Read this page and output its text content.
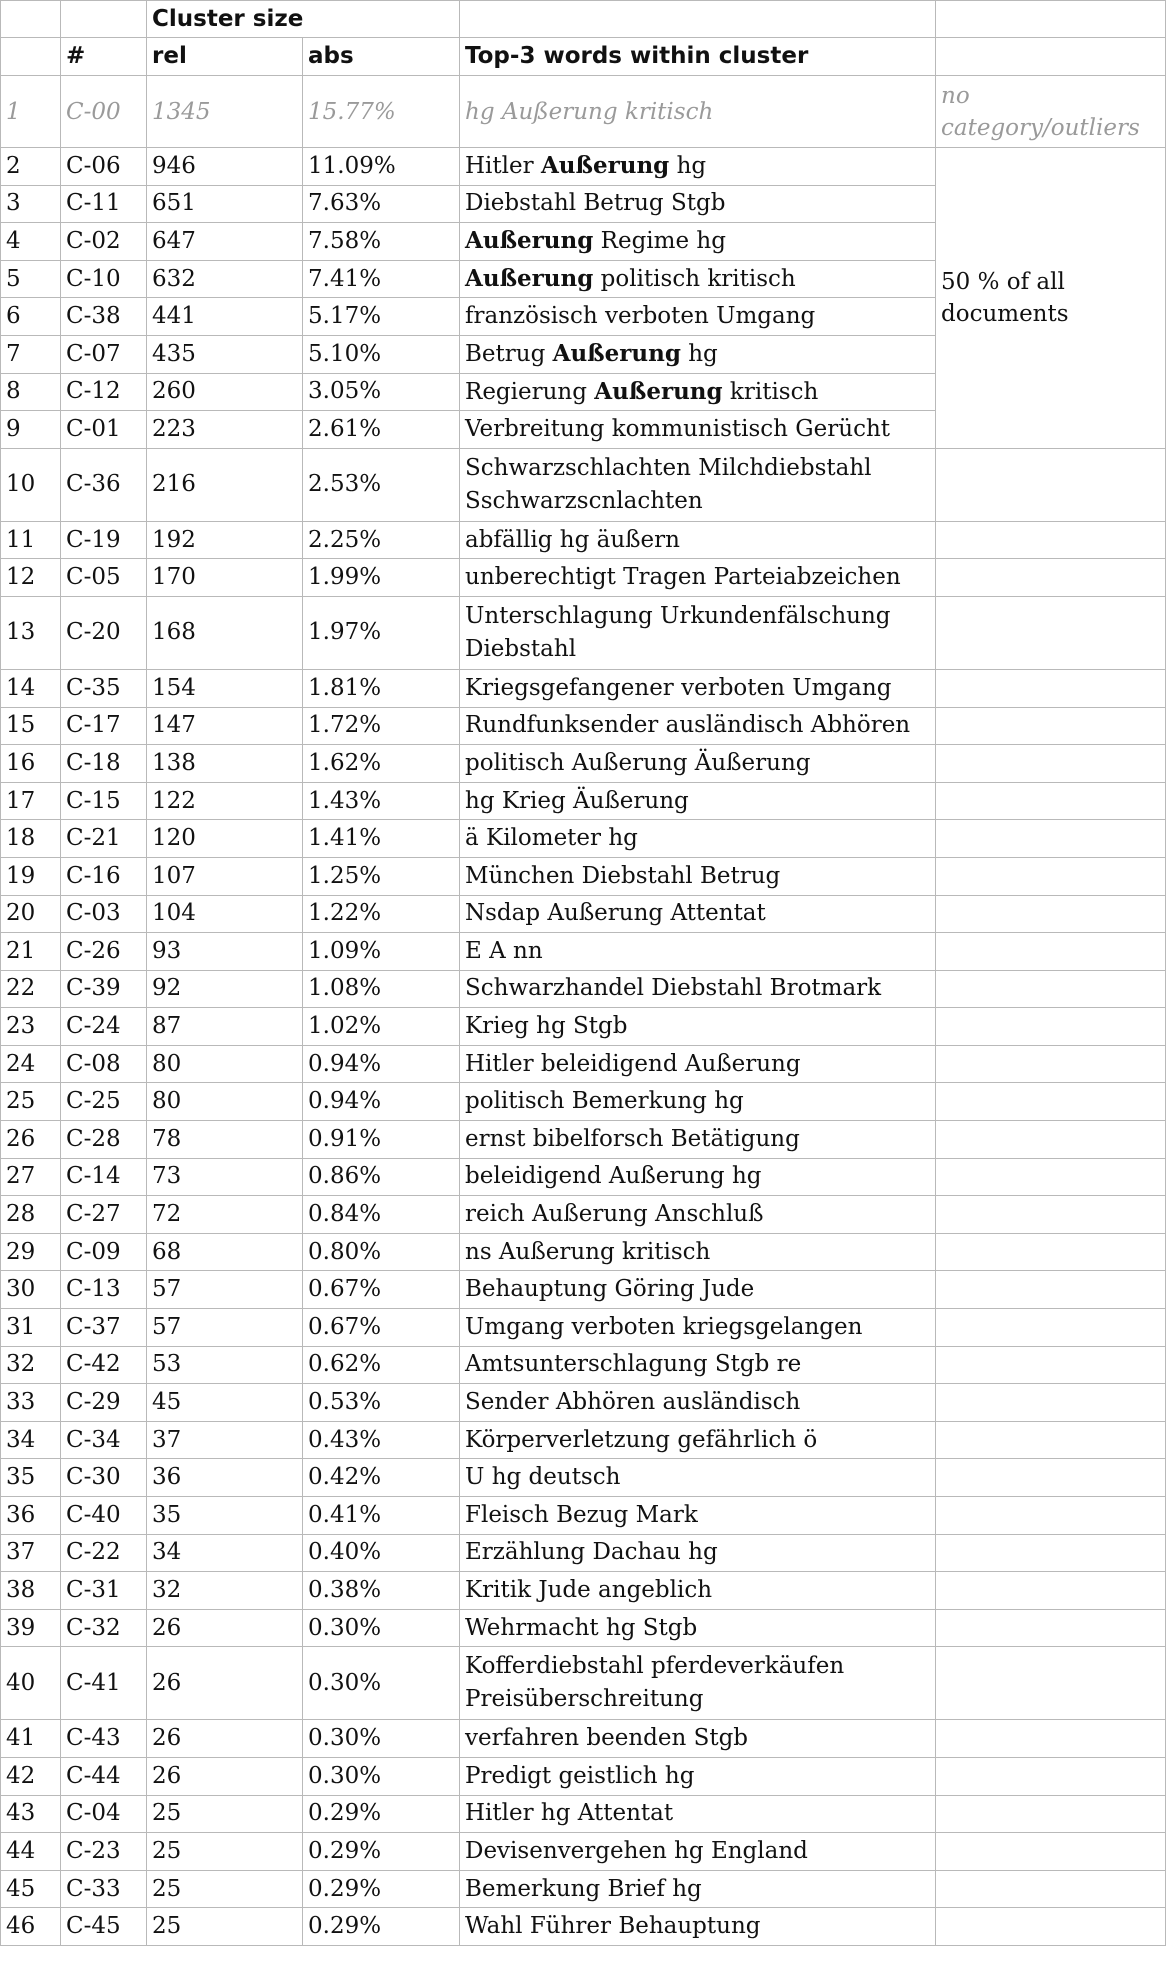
		Cluster size			
	#	rel	abs	Top-3 words within cluster	
1	C-00	1345	15.77%	hg Außerung kritisch	no category/outliers
2	C-06	946	11.09%	Hitler Außerung hg	50 % of all documents
3	C-11	651	7.63%	Diebstahl Betrug Stgb	
4	C-02	647	7.58%	Außerung Regime hg	
5	C-10	632	7.41%	Außerung politisch kritisch	
6	C-38	441	5.17%	französisch verboten Umgang	
7	C-07	435	5.10%	Betrug Außerung hg	
8	C-12	260	3.05%	Regierung Außerung kritisch	
9	C-01	223	2.61%	Verbreitung kommunistisch Gerücht	
10	C-36	216	2.53%	Schwarzschlachten Milchdiebstahl Sschwarzscnlachten	
11	C-19	192	2.25%	abfällig hg äußern	
12	C-05	170	1.99%	unberechtigt Tragen Parteiabzeichen	
13	C-20	168	1.97%	Unterschlagung Urkundenfälschung Diebstahl	
14	C-35	154	1.81%	Kriegsgefangener verboten Umgang	
15	C-17	147	1.72%	Rundfunksender ausländisch Abhören	
16	C-18	138	1.62%	politisch Außerung Äußerung	
17	C-15	122	1.43%	hg Krieg Äußerung	
18	C-21	120	1.41%	ä Kilometer hg	
19	C-16	107	1.25%	München Diebstahl Betrug	
20	C-03	104	1.22%	Nsdap Außerung Attentat	
21	C-26	93	1.09%	E A nn	
22	C-39	92	1.08%	Schwarzhandel Diebstahl Brotmark	
23	C-24	87	1.02%	Krieg hg Stgb	
24	C-08	80	0.94%	Hitler beleidigend Außerung	
25	C-25	80	0.94%	politisch Bemerkung hg	
26	C-28	78	0.91%	ernst bibelforsch Betätigung	
27	C-14	73	0.86%	beleidigend Außerung hg	
28	C-27	72	0.84%	reich Außerung Anschluß	
29	C-09	68	0.80%	ns Außerung kritisch	
30	C-13	57	0.67%	Behauptung Göring Jude	
31	C-37	57	0.67%	Umgang verboten kriegsgelangen	
32	C-42	53	0.62%	Amtsunterschlagung Stgb re	
33	C-29	45	0.53%	Sender Abhören ausländisch	
34	C-34	37	0.43%	Körperverletzung gefährlich ö	
35	C-30	36	0.42%	U hg deutsch	
36	C-40	35	0.41%	Fleisch Bezug Mark	
37	C-22	34	0.40%	Erzählung Dachau hg	
38	C-31	32	0.38%	Kritik Jude angeblich	
39	C-32	26	0.30%	Wehrmacht hg Stgb	
40	C-41	26	0.30%	Kofferdiebstahl pferdeverkäufen Preisüberschreitung	
41	C-43	26	0.30%	verfahren beenden Stgb	
42	C-44	26	0.30%	Predigt geistlich hg	
43	C-04	25	0.29%	Hitler hg Attentat	
44	C-23	25	0.29%	Devisenvergehen hg England	
45	C-33	25	0.29%	Bemerkung Brief hg	
46	C-45	25	0.29%	Wahl Führer Behauptung	
